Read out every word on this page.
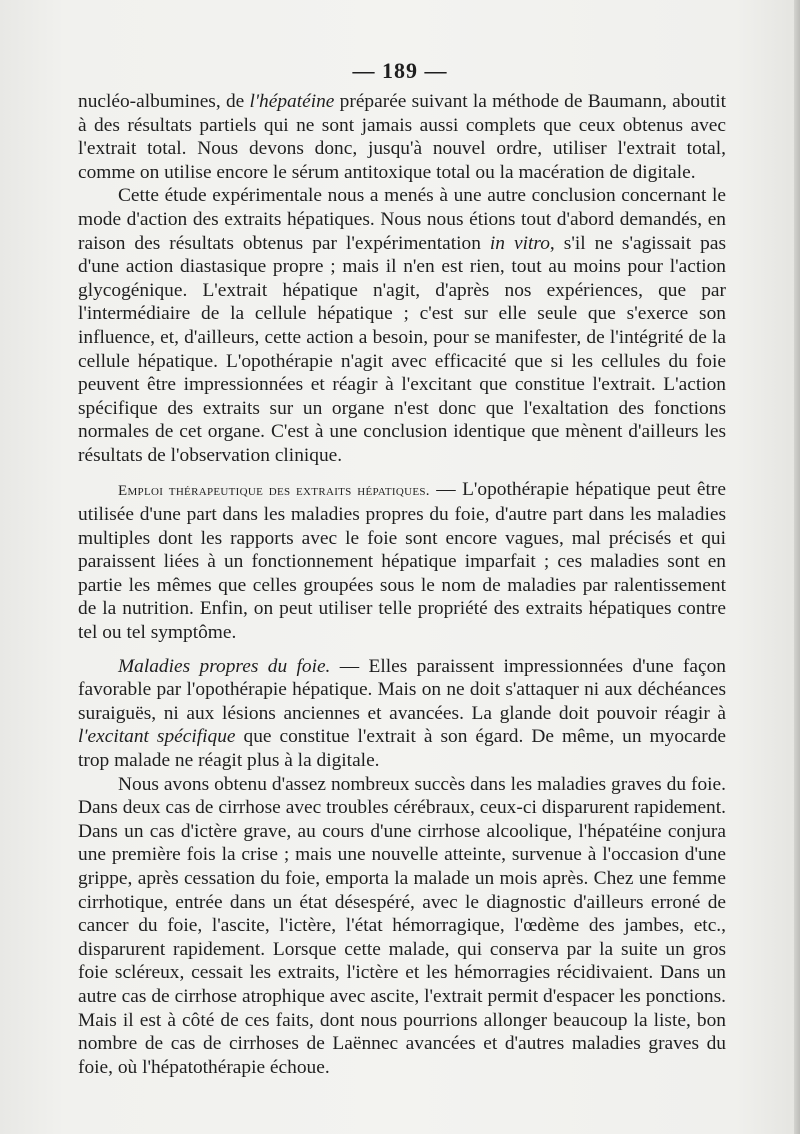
— 189 —

nucléo-albumines, de l'hépatéine préparée suivant la méthode de Baumann, aboutit à des résultats partiels qui ne sont jamais aussi complets que ceux obtenus avec l'extrait total. Nous devons donc, jusqu'à nouvel ordre, utiliser l'extrait total, comme on utilise encore le sérum antitoxique total ou la macération de digitale.

Cette étude expérimentale nous a menés à une autre conclusion concernant le mode d'action des extraits hépatiques. Nous nous étions tout d'abord demandés, en raison des résultats obtenus par l'expérimentation in vitro, s'il ne s'agissait pas d'une action diastasique propre ; mais il n'en est rien, tout au moins pour l'action glycogénique. L'extrait hépatique n'agit, d'après nos expériences, que par l'intermédiaire de la cellule hépatique ; c'est sur elle seule que s'exerce son influence, et, d'ailleurs, cette action a besoin, pour se manifester, de l'intégrité de la cellule hépatique. L'opothérapie n'agit avec efficacité que si les cellules du foie peuvent être impressionnées et réagir à l'excitant que constitue l'extrait. L'action spécifique des extraits sur un organe n'est donc que l'exaltation des fonctions normales de cet organe. C'est à une conclusion identique que mènent d'ailleurs les résultats de l'observation clinique.

Emploi thérapeutique des extraits hépatiques. — L'opothérapie hépatique peut être utilisée d'une part dans les maladies propres du foie, d'autre part dans les maladies multiples dont les rapports avec le foie sont encore vagues, mal précisés et qui paraissent liées à un fonctionnement hépatique imparfait ; ces maladies sont en partie les mêmes que celles groupées sous le nom de maladies par ralentissement de la nutrition. Enfin, on peut utiliser telle propriété des extraits hépatiques contre tel ou tel symptôme.

Maladies propres du foie. — Elles paraissent impressionnées d'une façon favorable par l'opothérapie hépatique. Mais on ne doit s'attaquer ni aux déchéances suraiguës, ni aux lésions anciennes et avancées. La glande doit pouvoir réagir à l'excitant spécifique que constitue l'extrait à son égard. De même, un myocarde trop malade ne réagit plus à la digitale.

Nous avons obtenu d'assez nombreux succès dans les maladies graves du foie. Dans deux cas de cirrhose avec troubles cérébraux, ceux-ci disparurent rapidement. Dans un cas d'ictère grave, au cours d'une cirrhose alcoolique, l'hépatéine conjura une première fois la crise ; mais une nouvelle atteinte, survenue à l'occasion d'une grippe, après cessation du foie, emporta la malade un mois après. Chez une femme cirrhotique, entrée dans un état désespéré, avec le diagnostic d'ailleurs erroné de cancer du foie, l'ascite, l'ictère, l'état hémorragique, l'œdème des jambes, etc., disparurent rapidement. Lorsque cette malade, qui conserva par la suite un gros foie scléreux, cessait les extraits, l'ictère et les hémorragies récidivaient. Dans un autre cas de cirrhose atrophique avec ascite, l'extrait permit d'espacer les ponctions. Mais il est à côté de ces faits, dont nous pourrions allonger beaucoup la liste, bon nombre de cas de cirrhoses de Laënnec avancées et d'autres maladies graves du foie, où l'hépatothérapie échoue.
